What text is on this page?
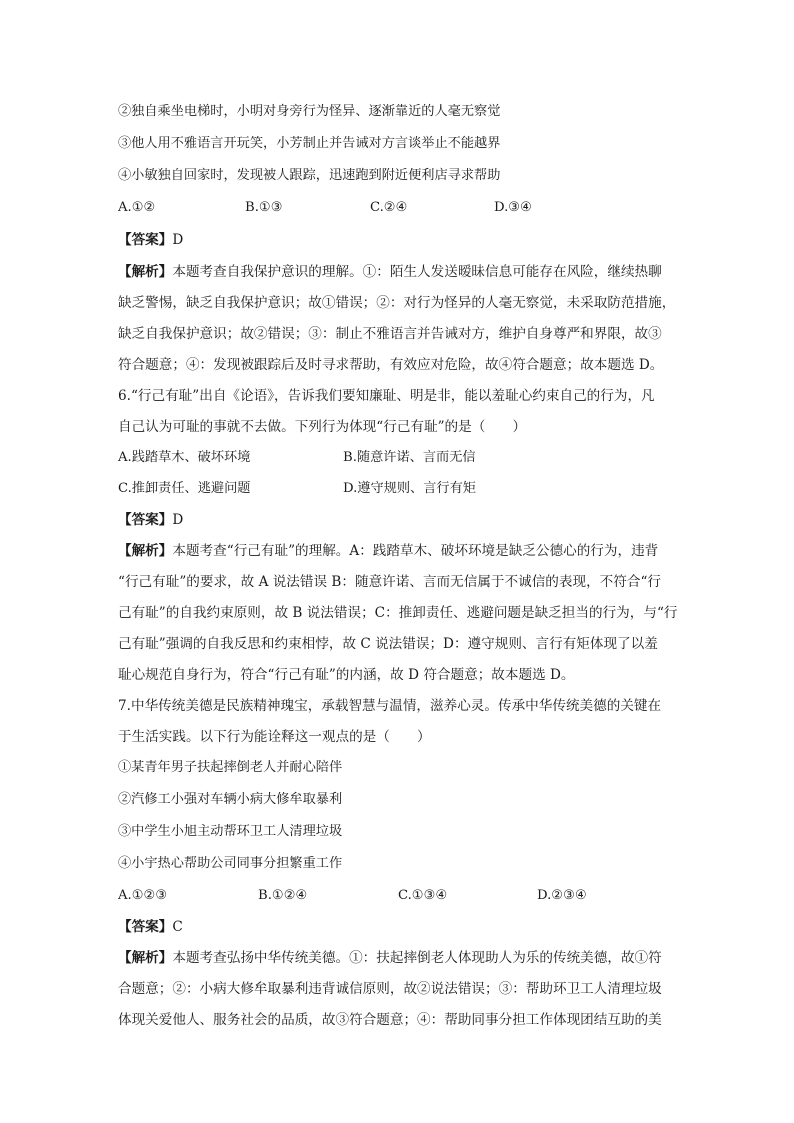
②独自乘坐电梯时，小明对身旁行为怪异、逐渐靠近的人毫无察觉
③他人用不雅语言开玩笑，小芳制止并告诫对方言谈举止不能越界
④小敏独自回家时，发现被人跟踪，迅速跑到附近便利店寻求帮助
A.①②	B.①③	C.②④	D.③④
【答案】D
【解析】本题考查自我保护意识的理解。①：陌生人发送暧昧信息可能存在风险，继续热聊
缺乏警惕，缺乏自我保护意识；故①错误；②：对行为怪异的人毫无察觉，未采取防范措施，
缺乏自我保护意识；故②错误；③：制止不雅语言并告诫对方，维护自身尊严和界限，故③
符合题意；④：发现被跟踪后及时寻求帮助，有效应对危险，故④符合题意；故本题选 D。
6.“行己有耻”出自《论语》，告诉我们要知廉耻、明是非，能以羞耻心约束自己的行为，凡
自己认为可耻的事就不去做。下列行为体现“行己有耻”的是（　　）
A.践踏草木、破坏环境	B.随意许诺、言而无信
C.推卸责任、逃避问题	D.遵守规则、言行有矩
【答案】D
【解析】本题考查“行己有耻”的理解。A：践踏草木、破坏环境是缺乏公德心的行为，违背
“行己有耻”的要求，故 A 说法错误 B：随意许诺、言而无信属于不诚信的表现，不符合“行
己有耻”的自我约束原则，故 B 说法错误；C：推卸责任、逃避问题是缺乏担当的行为，与“行
己有耻”强调的自我反思和约束相悖，故 C 说法错误；D：遵守规则、言行有矩体现了以羞
耻心规范自身行为，符合“行己有耻”的内涵，故 D 符合题意；故本题选 D。
7.中华传统美德是民族精神瑰宝，承载智慧与温情，滋养心灵。传承中华传统美德的关键在
于生活实践。以下行为能诠释这一观点的是（　　）
①某青年男子扶起摔倒老人并耐心陪伴
②汽修工小强对车辆小病大修牟取暴利
③中学生小旭主动帮环卫工人清理垃圾
④小宇热心帮助公司同事分担繁重工作
A.①②③	B.①②④	C.①③④	D.②③④
【答案】C
【解析】本题考查弘扬中华传统美德。①：扶起摔倒老人体现助人为乐的传统美德，故①符
合题意；②：小病大修牟取暴利违背诚信原则，故②说法错误；③：帮助环卫工人清理垃圾
体现关爱他人、服务社会的品质，故③符合题意；④：帮助同事分担工作体现团结互助的美
